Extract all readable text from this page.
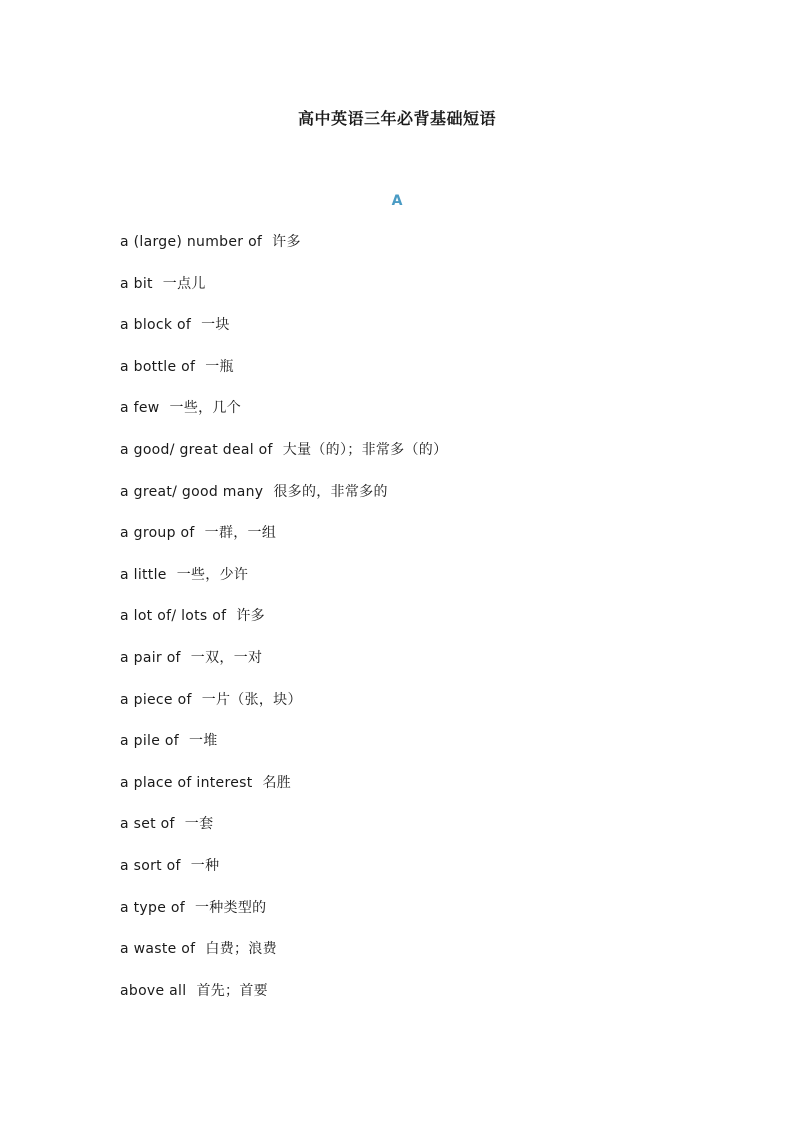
高中英语三年必背基础短语
A
a (large) number of 许多
a bit 一点儿
a block of 一块
a bottle of 一瓶
a few 一些，几个
a good/ great deal of 大量（的）；非常多（的）
a great/ good many 很多的，非常多的
a group of 一群，一组
a little 一些，少许
a lot of/ lots of 许多
a pair of 一双，一对
a piece of 一片（张，块）
a pile of 一堆
a place of interest 名胜
a set of 一套
a sort of 一种
a type of 一种类型的
a waste of 白费；浪费
above all 首先；首要
